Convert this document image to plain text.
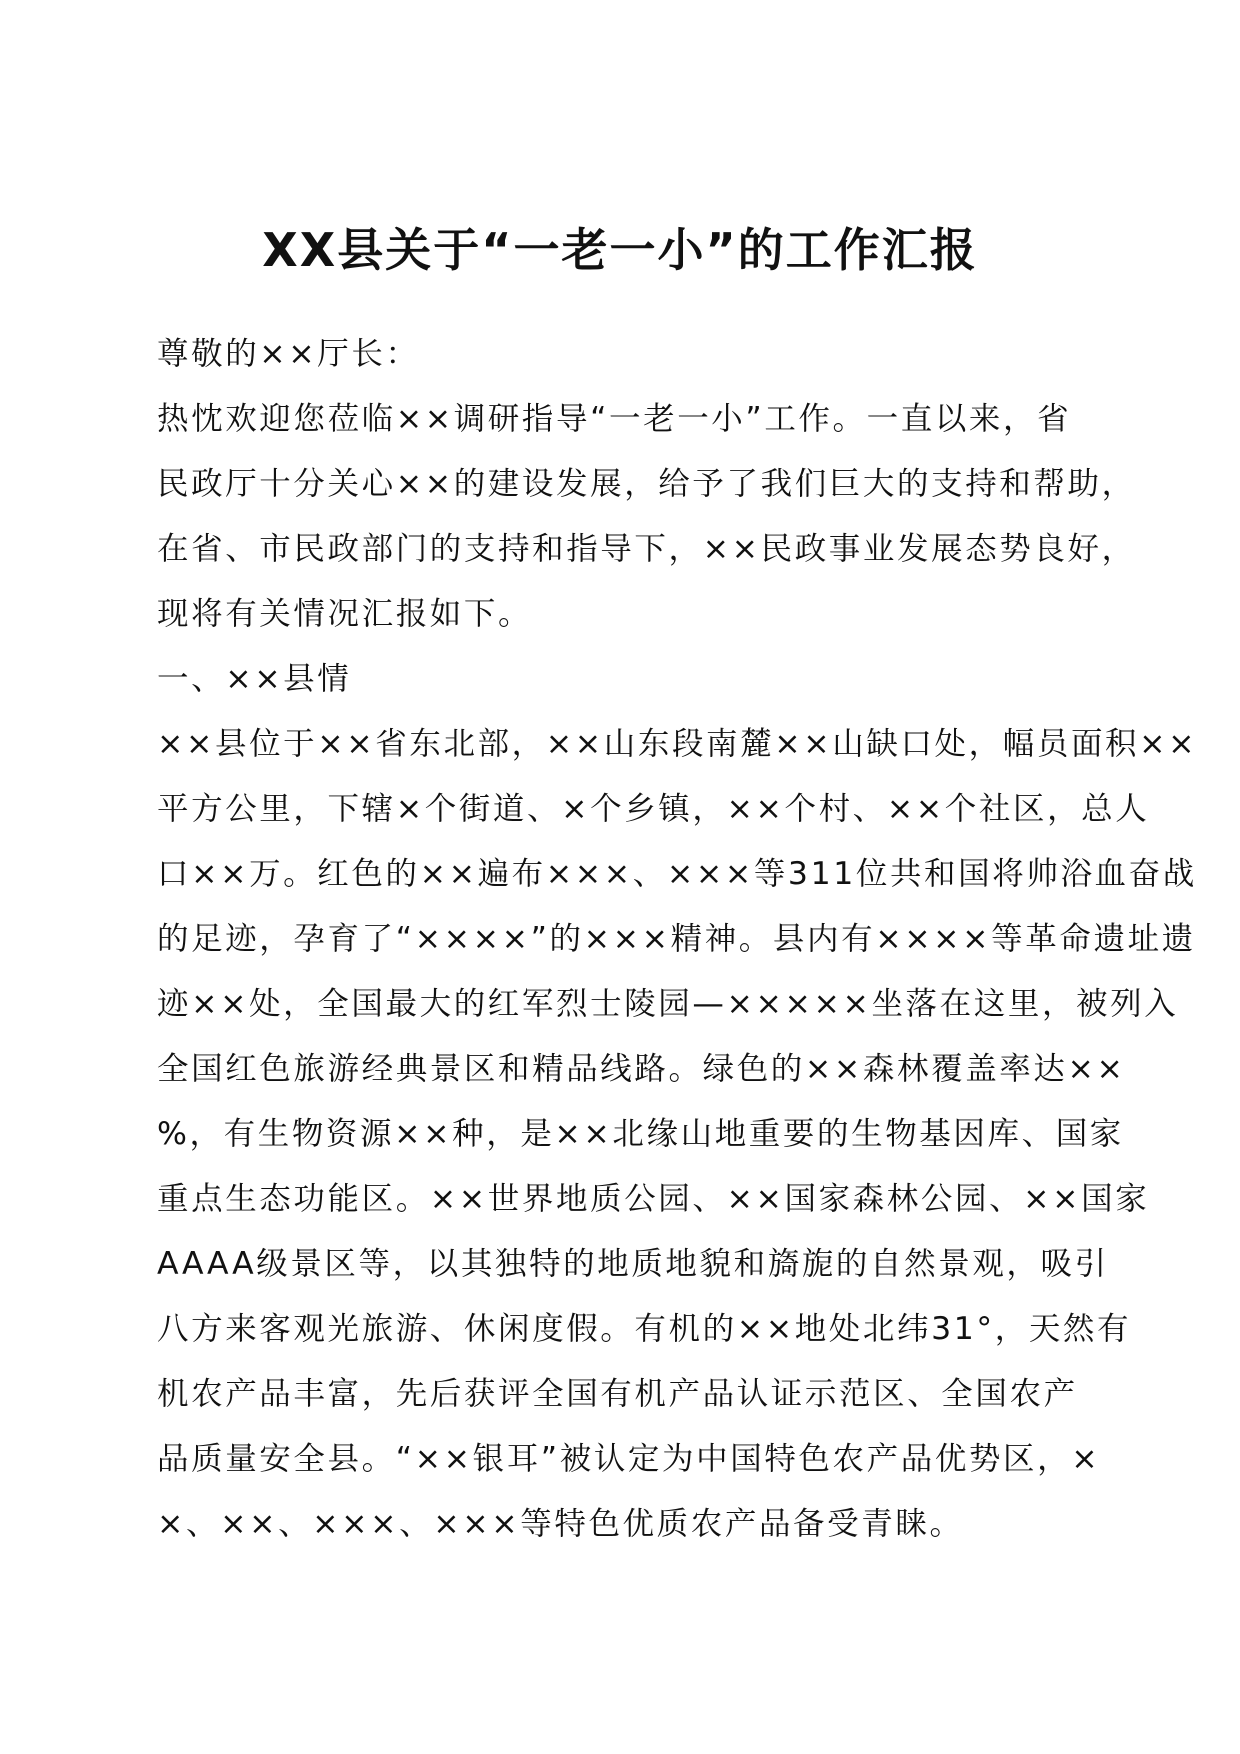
XX县关于“一老一小”的工作汇报
尊敬的××厅长：
热忱欢迎您莅临××调研指导“一老一小”工作。一直以来，省
民政厅十分关心××的建设发展，给予了我们巨大的支持和帮助，
在省、市民政部门的支持和指导下，××民政事业发展态势良好，
现将有关情况汇报如下。
一、××县情
××县位于××省东北部，××山东段南麓××山缺口处，幅员面积××
平方公里，下辖×个街道、×个乡镇，××个村、××个社区，总人
口××万。红色的××遍布×××、×××等311位共和国将帅浴血奋战
的足迹，孕育了“××××”的×××精神。县内有××××等革命遗址遗
迹××处，全国最大的红军烈士陵园—×××××坐落在这里，被列入
全国红色旅游经典景区和精品线路。绿色的××森林覆盖率达××
%，有生物资源××种，是××北缘山地重要的生物基因库、国家
重点生态功能区。××世界地质公园、××国家森林公园、××国家
AAAA级景区等，以其独特的地质地貌和旖旎的自然景观，吸引
八方来客观光旅游、休闲度假。有机的××地处北纬31°，天然有
机农产品丰富，先后获评全国有机产品认证示范区、全国农产
品质量安全县。“××银耳”被认定为中国特色农产品优势区，×
×、××、×××、×××等特色优质农产品备受青睐。
